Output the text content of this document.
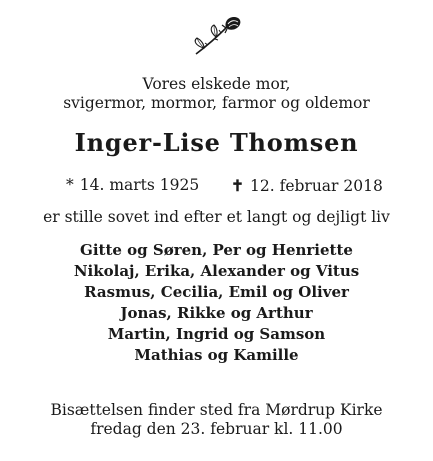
Vores elskede mor,
svigermor, mormor, farmor og oldemor
Inger-Lise Thomsen
* 14. marts 1925 ✝ 12. februar 2018
er stille sovet ind efter et langt og dejligt liv
Gitte og Søren, Per og Henriette
Nikolaj, Erika, Alexander og Vitus
Rasmus, Cecilia, Emil og Oliver
Jonas, Rikke og Arthur
Martin, Ingrid og Samson
Mathias og Kamille
Bisættelsen finder sted fra Mørdrup Kirke
fredag den 23. februar kl. 11.00
